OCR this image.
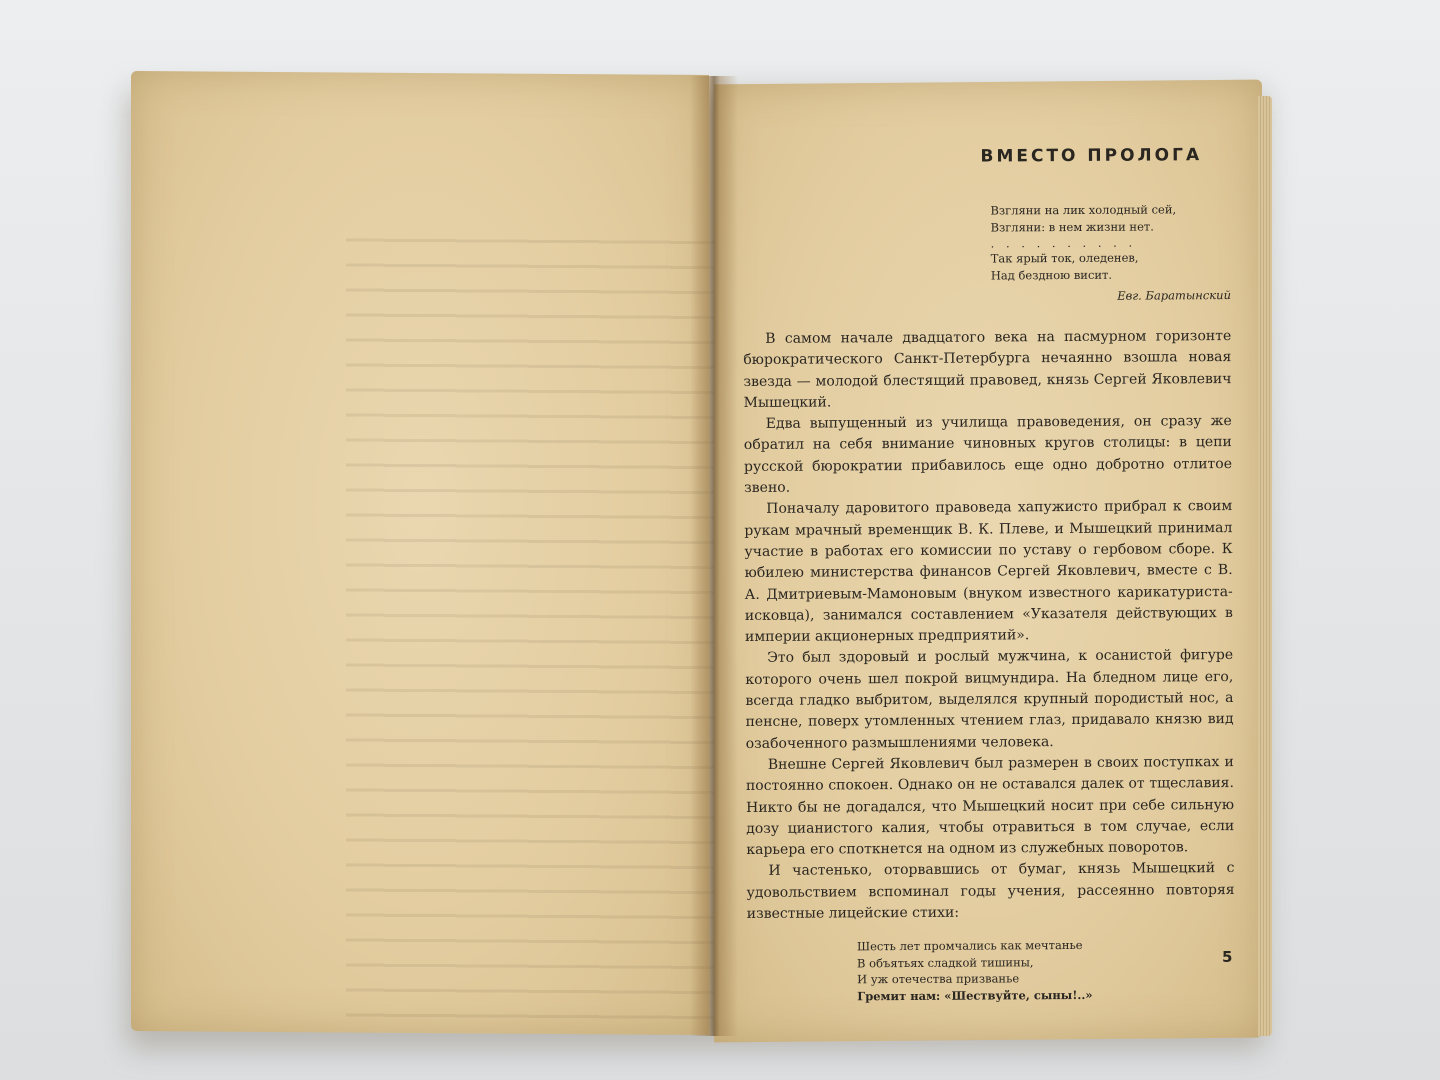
ВМЕСТО ПРОЛОГА
Взгляни на лик холодный сей,
Взгляни: в нем жизни нет.
. . . . . . . . . .
Так ярый ток, оледенев,
Над бездною висит.
Евг. Баратынский

В самом начале двадцатого века на пасмурном горизонте бюрократического Санкт-Петербурга нечаянно взошла новая звезда — молодой блестящий правовед, князь Сергей Яковлевич Мышецкий.

Едва выпущенный из училища правоведения, он сразу же обратил на себя внимание чиновных кругов столицы: в цепи русской бюрократии прибавилось еще одно добротно отлитое звено.

Поначалу даровитого правоведа хапужисто прибрал к своим рукам мрачный временщик В. К. Плеве, и Мышецкий принимал участие в работах его комиссии по уставу о гербовом сборе. К юбилею министерства финансов Сергей Яковлевич, вместе с В. А. Дмитриевым-Мамоновым (внуком известного карикатуриста-исковца), занимался составлением «Указателя действующих в империи акционерных предприятий».

Это был здоровый и рослый мужчина, к осанистой фигуре которого очень шел покрой вицмундира. На бледном лице его, всегда гладко выбритом, выделялся крупный породистый нос, а пенсне, поверх утомленных чтением глаз, придавало князю вид озабоченного размышлениями человека.

Внешне Сергей Яковлевич был размерен в своих поступках и постоянно спокоен. Однако он не оставался далек от тщеславия. Никто бы не догадался, что Мышецкий носит при себе сильную дозу цианистого калия, чтобы отравиться в том случае, если карьера его споткнется на одном из служебных поворотов.

И частенько, оторвавшись от бумаг, князь Мышецкий с удовольствием вспоминал годы учения, рассеянно повторяя известные лицейские стихи:

Шесть лет промчались как мечтанье
В объятьях сладкой тишины,
И уж отечества призванье
Гремит нам: «Шествуйте, сыны!..»
5
